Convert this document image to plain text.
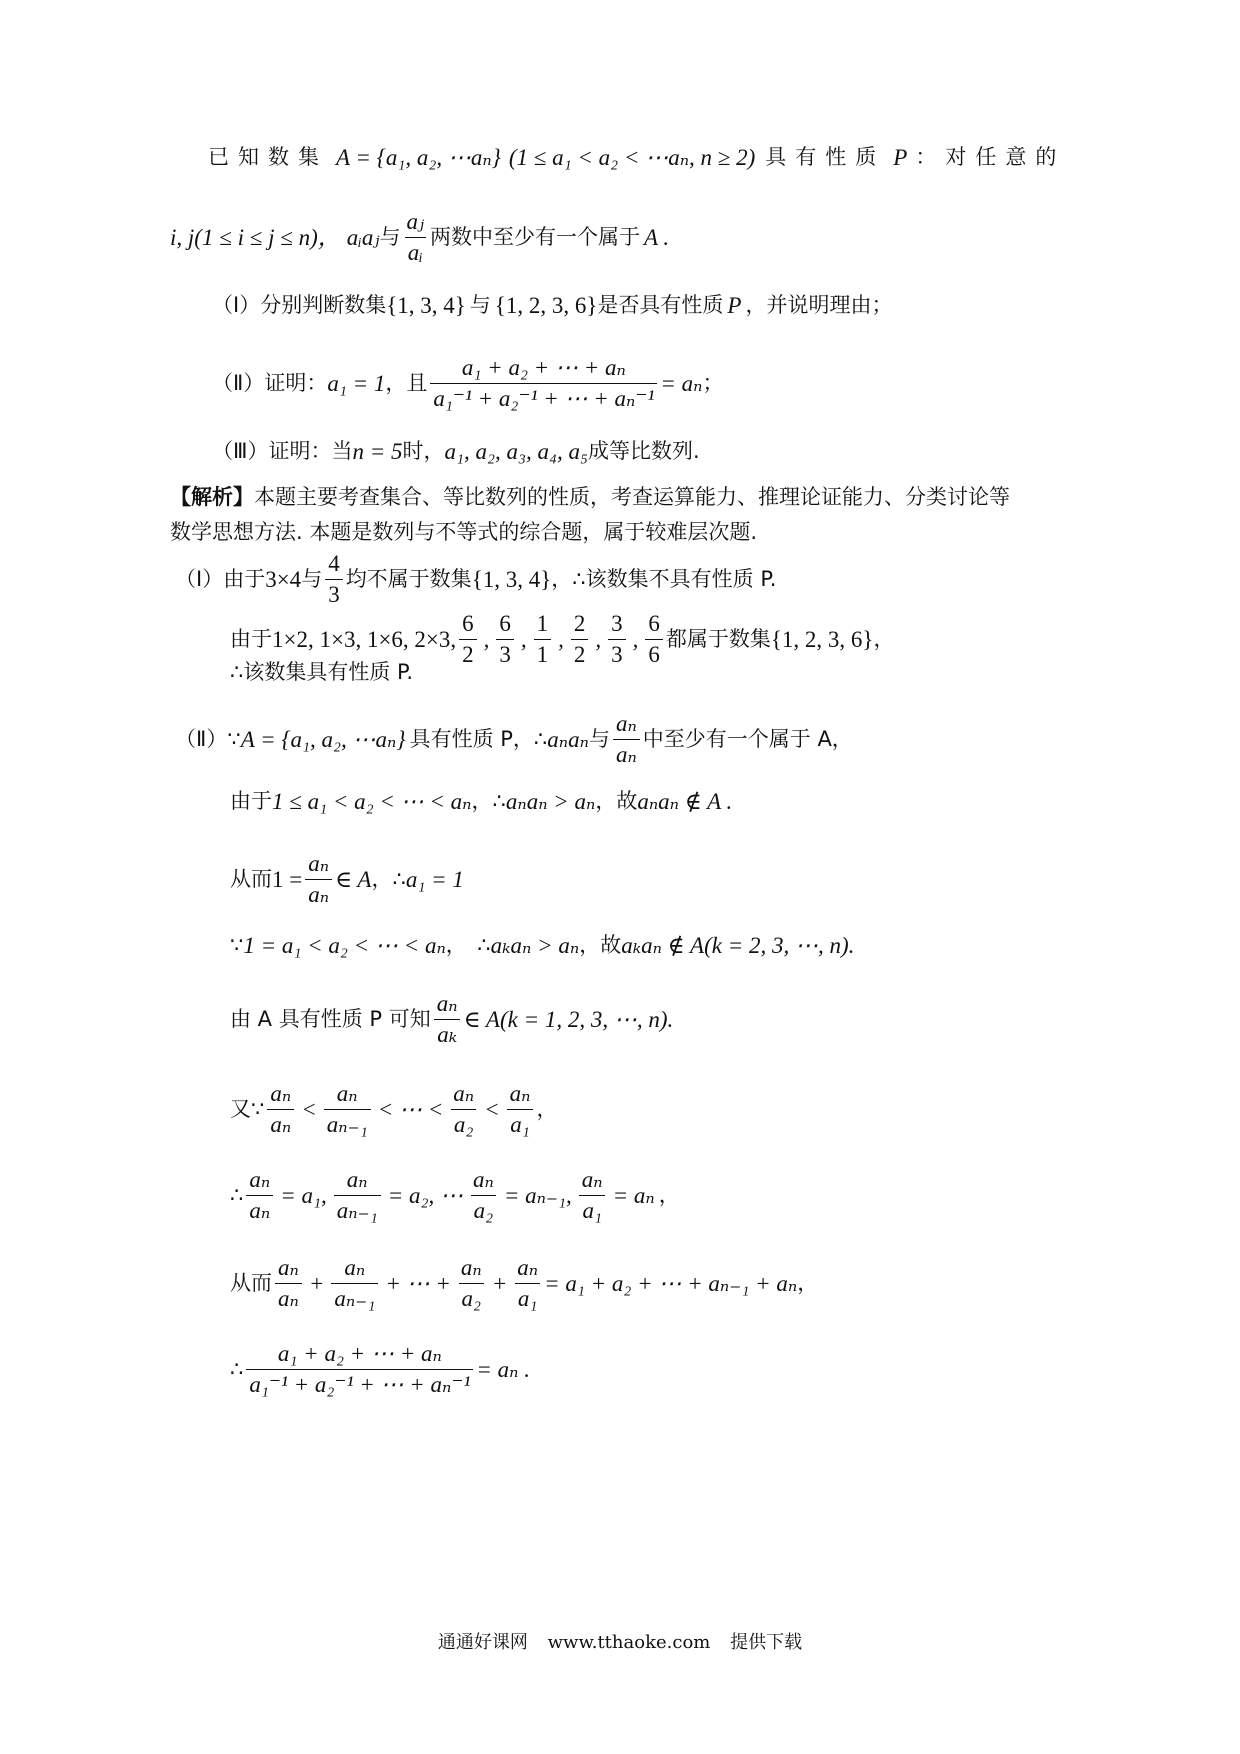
已知数集 A = {a₁, a₂, ⋯aₙ} (1 ≤ a₁ < a₂ < ⋯aₙ, n ≥ 2) 具有性质 P ：对任意的
i, j(1 ≤ i ≤ j ≤ n)， aᵢaⱼ 与 $\frac{\text{aⱼ}}{\text{aᵢ}}$ 两数中至少有一个属于 A .
（Ⅰ） 分别判断数集 {1, 3, 4} 与 {1, 2, 3, 6} 是否具有性质 P ，并说明理由；
（Ⅱ）证明： a₁ = 1 ，且 $\frac{\text{a₁ + a₂ + ⋯ + aₙ}}{\text{a₁⁻¹ + a₂⁻¹ + ⋯ + aₙ⁻¹}} = a_n$ ；
（Ⅲ）证明：当 n = 5 时， a₁, a₂, a₃, a₄, a₅ 成等比数列.
【解析】 本题主要考查集合、等比数列的性质，考查运算能力、推理论证能力、分类讨论等
数学思想方法. 本题是数列与不等式的综合题，属于较难层次题.
（Ⅰ）由于 3×4 与 $\frac{4}{3}$ 均不属于数集 {1, 3, 4} ，∴该数集不具有性质 P.
由于 1×2, 1×3, 1×6, 2×3, $\frac{6}{2}$ , $\frac{6}{3}$ , $\frac{1}{1}$ , $\frac{2}{2}$ , $\frac{3}{3}$ , $\frac{6}{6}$ 都属于数集 {1, 2, 3, 6} ，
∴该数集具有性质 P.
（Ⅱ）∵ A = {a₁, a₂, ⋯aₙ} 具有性质 P，∴ aₙaₙ 与 $\frac{\text{aₙ}}{\text{aₙ}}$ 中至少有一个属于 A，
由于 1 ≤ a₁ < a₂ < ⋯ < aₙ ，∴ aₙaₙ > aₙ ，故 aₙaₙ ∉ A .
从而 $1 = \frac{\text{aₙ}}{\text{aₙ}}$ ∈ A ，∴ a₁ = 1
∵ 1 = a₁ < a₂ < ⋯ < aₙ ，　∴ aₖaₙ > aₙ ，故 aₖaₙ ∉ A(k = 2, 3, ⋯, n).
由 A 具有性质 P 可知 $\frac{\text{aₙ}}{\text{aₖ}}$ ∈ A(k = 1, 2, 3, ⋯, n).
又∵ $\frac{\text{aₙ}}{\text{aₙ}} < \frac{\text{aₙ}}{\text{aₙ₋₁}}$ < ⋯ < $\frac{\text{aₙ}}{\text{a₂}} < \frac{\text{aₙ}}{\text{a₁}}$ ，
∴ $\frac{\text{aₙ}}{\text{aₙ}} = a_1$, $\frac{\text{aₙ}}{\text{aₙ₋₁}} = a_2$, ⋯ $\frac{\text{aₙ}}{\text{a₂}} = a_{n-1}$, $\frac{\text{aₙ}}{\text{a₁}} = a_n$ ，
从而 $\frac{\text{aₙ}}{\text{aₙ}} + \frac{\text{aₙ}}{\text{aₙ₋₁}}$ + ⋯ + $\frac{\text{aₙ}}{\text{a₂}} + \frac{\text{aₙ}}{\text{a₁}} = a_1 + a_2$ + ⋯ + aₙ₋₁ + aₙ ，
∴ $\frac{\text{a₁ + a₂ + ⋯ + aₙ}}{\text{a₁⁻¹ + a₂⁻¹ + ⋯ + aₙ⁻¹}} = a_n$ .
通通好课网 www.tthaoke.com 提供下载
